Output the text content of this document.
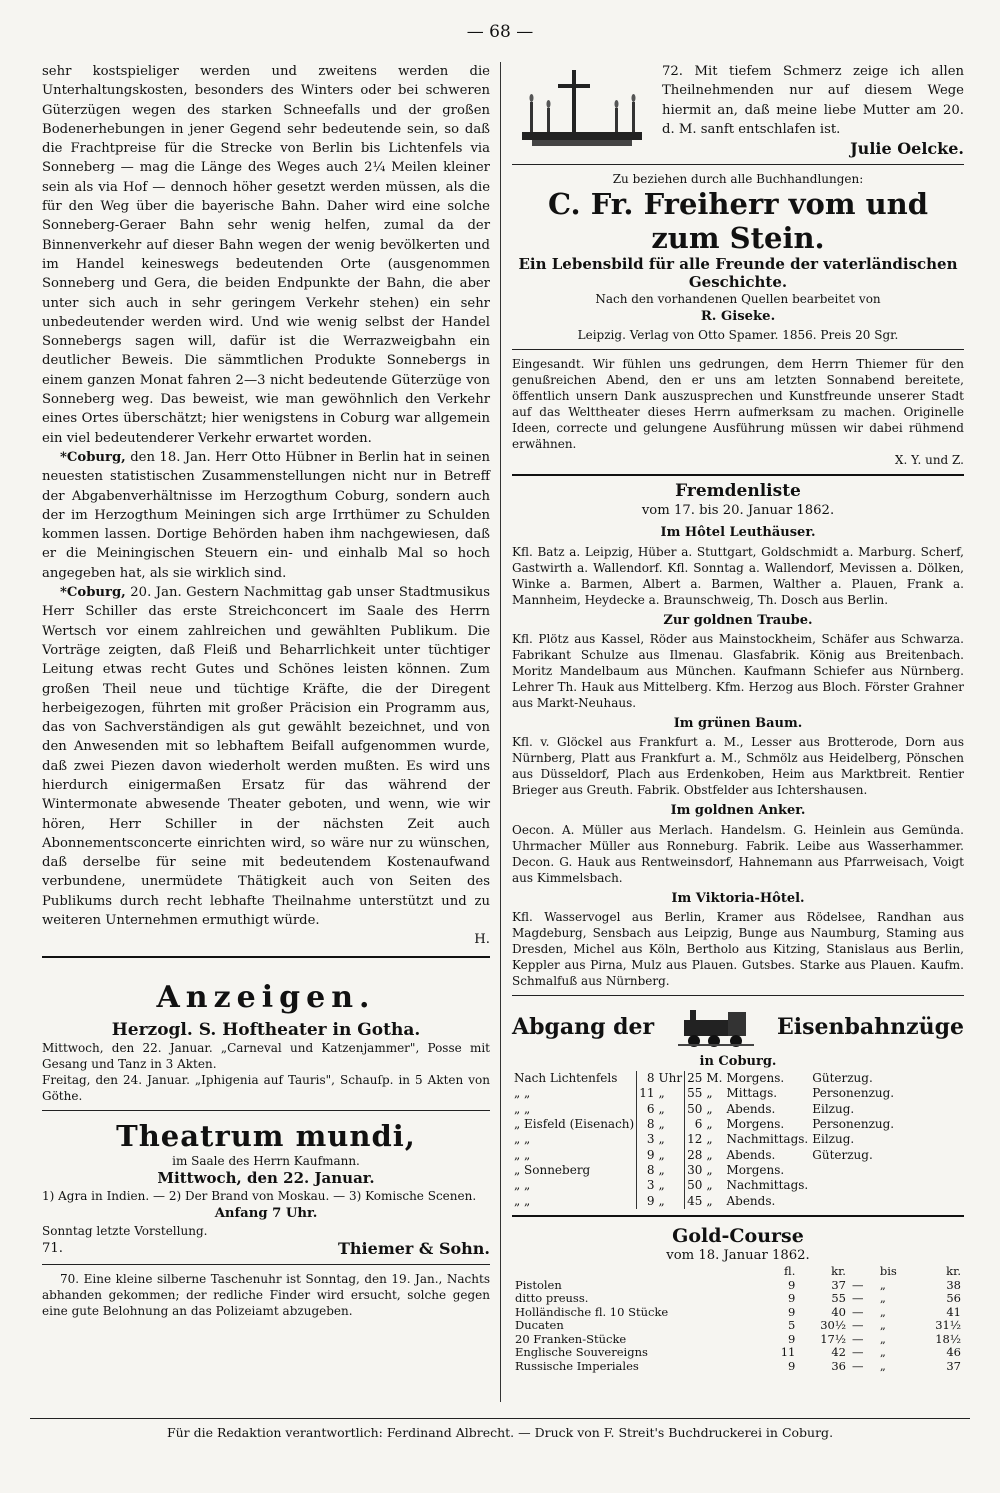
— 68 —

sehr kostspieliger werden und zweitens werden die Unterhaltungskosten, besonders des Winters oder bei schweren Güterzügen wegen des starken Schneefalls und der großen Bodenerhebungen in jener Gegend sehr bedeutende sein, so daß die Frachtpreise für die Strecke von Berlin bis Lichtenfels via Sonneberg — mag die Länge des Weges auch 2¼ Meilen kleiner sein als via Hof — dennoch höher gesetzt werden müssen, als die für den Weg über die bayerische Bahn. Daher wird eine solche Sonneberg-Geraer Bahn sehr wenig helfen, zumal da der Binnenverkehr auf dieser Bahn wegen der wenig bevölkerten und im Handel keineswegs bedeutenden Orte (ausgenommen Sonneberg und Gera, die beiden Endpunkte der Bahn, die aber unter sich auch in sehr geringem Verkehr stehen) ein sehr unbedeutender werden wird. Und wie wenig selbst der Handel Sonnebergs sagen will, dafür ist die Werrazweigbahn ein deutlicher Beweis. Die sämmtlichen Produkte Sonnebergs in einem ganzen Monat fahren 2—3 nicht bedeutende Güterzüge von Sonneberg weg. Das beweist, wie man gewöhnlich den Verkehr eines Ortes überschätzt; hier wenigstens in Coburg war allgemein ein viel bedeutenderer Verkehr erwartet worden.

*Coburg, den 18. Jan. Herr Otto Hübner in Berlin hat in seinen neuesten statistischen Zusammenstellungen nicht nur in Betreff der Abgabenverhältnisse im Herzogthum Coburg, sondern auch der im Herzogthum Meiningen sich arge Irrthümer zu Schulden kommen lassen. Dortige Behörden haben ihm nachgewiesen, daß er die Meiningischen Steuern ein- und einhalb Mal so hoch angegeben hat, als sie wirklich sind.

*Coburg, 20. Jan. Gestern Nachmittag gab unser Stadtmusikus Herr Schiller das erste Streichconcert im Saale des Herrn Wertsch vor einem zahlreichen und gewählten Publikum. Die Vorträge zeigten, daß Fleiß und Beharrlichkeit unter tüchtiger Leitung etwas recht Gutes und Schönes leisten können. Zum großen Theil neue und tüchtige Kräfte, die der Diregent herbeigezogen, führten mit großer Präcision ein Programm aus, das von Sachverständigen als gut gewählt bezeichnet, und von den Anwesenden mit so lebhaftem Beifall aufgenommen wurde, daß zwei Piezen davon wiederholt werden mußten. Es wird uns hierdurch einigermaßen Ersatz für das während der Wintermonate abwesende Theater geboten, und wenn, wie wir hören, Herr Schiller in der nächsten Zeit auch Abonnementsconcerte einrichten wird, so wäre nur zu wünschen, daß derselbe für seine mit bedeutendem Kostenaufwand verbundene, unermüdete Thätigkeit auch von Seiten des Publikums durch recht lebhafte Theilnahme unterstützt und zu weiteren Unternehmen ermuthigt würde.

H.

Anzeigen.
Herzogl. S. Hoftheater in Gotha.

Mittwoch, den 22. Januar. „Carneval und Katzenjammer", Posse mit Gesang und Tanz in 3 Akten.

Freitag, den 24. Januar. „Iphigenia auf Tauris", Schauſp. in 5 Akten von Göthe.

Theatrum mundi,

im Saale des Herrn Kaufmann.

Mittwoch, den 22. Januar.

1) Agra in Indien. — 2) Der Brand von Moskau. — 3) Komische Scenen.

Anfang 7 Uhr.

Sonntag letzte Vorstellung.

71.	Thiemer & Sohn.

70. Eine kleine silberne Taschenuhr ist Sonntag, den 19. Jan., Nachts abhanden gekommen; der redliche Finder wird ersucht, solche gegen eine gute Belohnung an das Polizeiamt abzugeben.

72. Mit tiefem Schmerz zeige ich allen Theilnehmenden nur auf diesem Wege hiermit an, daß meine liebe Mutter am 20. d. M. sanft entschlafen ist.

Julie Oelcke.

Zu beziehen durch alle Buchhandlungen:

C. Fr. Freiherr vom und zum Stein.
Ein Lebensbild für alle Freunde der vaterländischen Geschichte.

Nach den vorhandenen Quellen bearbeitet von

R. Giseke.

Leipzig. Verlag von Otto Spamer. 1856. Preis 20 Sgr.

Eingesandt. Wir fühlen uns gedrungen, dem Herrn Thiemer für den genußreichen Abend, den er uns am letzten Sonnabend bereitete, öffentlich unsern Dank auszusprechen und Kunstfreunde unserer Stadt auf das Welttheater dieses Herrn aufmerksam zu machen. Originelle Ideen, correcte und gelungene Ausführung müssen wir dabei rühmend erwähnen.

X. Y. und Z.

Fremdenliste

vom 17. bis 20. Januar 1862.

Im Hôtel Leuthäuser.

Kfl. Batz a. Leipzig, Hüber a. Stuttgart, Goldschmidt a. Marburg. Scherf, Gastwirth a. Wallendorf. Kfl. Sonntag a. Wallendorf, Mevissen a. Dölken, Winke a. Barmen, Albert a. Barmen, Walther a. Plauen, Frank a. Mannheim, Heydecke a. Braunschweig, Th. Dosch aus Berlin.

Zur goldnen Traube.

Kfl. Plötz aus Kassel, Röder aus Mainstockheim, Schäfer aus Schwarza. Fabrikant Schulze aus Ilmenau. Glasfabrik. König aus Breitenbach. Moritz Mandelbaum aus München. Kaufmann Schiefer aus Nürnberg. Lehrer Th. Hauk aus Mittelberg. Kfm. Herzog aus Bloch. Förster Grahner aus Markt-Neuhaus.

Im grünen Baum.

Kfl. v. Glöckel aus Frankfurt a. M., Lesser aus Brotterode, Dorn aus Nürnberg, Platt aus Frankfurt a. M., Schmölz aus Heidelberg, Pönschen aus Düsseldorf, Plach aus Erdenkoben, Heim aus Marktbreit. Rentier Brieger aus Greuth. Fabrik. Obstfelder aus Ichtershausen.

Im goldnen Anker.

Oecon. A. Müller aus Merlach. Handelsm. G. Heinlein aus Gemünda. Uhrmacher Müller aus Ronneburg. Fabrik. Leibe aus Wasserhammer. Decon. G. Hauk aus Rentweinsdorf, Hahnemann aus Pfarrweisach, Voigt aus Kimmelsbach.

Im Viktoria-Hôtel.

Kfl. Wasservogel aus Berlin, Kramer aus Rödelsee, Randhan aus Magdeburg, Sensbach aus Leipzig, Bunge aus Naumburg, Staming aus Dresden, Michel aus Köln, Bertholo aus Kitzing, Stanislaus aus Berlin, Keppler aus Pirna, Mulz aus Plauen. Gutsbes. Starke aus Plauen. Kaufm. Schmalfuß aus Nürnberg.

Abgang der	Eisenbahnzüge

in Coburg.

Nach Lichtenfels	8	Uhr	25	M.	Morgens.	Güterzug.
„ „	11	„	55	„	Mittags.	Personenzug.
„ „	6	„	50	„	Abends.	Eilzug.
„ Eisfeld (Eisenach)	8	„	6	„	Morgens.	Personenzug.
„ „	3	„	12	„	Nachmittags.	Eilzug.
„ „	9	„	28	„	Abends.	Güterzug.
„ Sonneberg	8	„	30	„	Morgens.	
„ „	3	„	50	„	Nachmittags.	
„ „	9	„	45	„	Abends.	
Gold-Course

vom 18. Januar 1862.

	fl.	kr.		bis	kr.
Pistolen	9	37	—	„	38
ditto preuss.	9	55	—	„	56
Holländische fl. 10 Stücke	9	40	—	„	41
Ducaten	5	30½	—	„	31½
20 Franken-Stücke	9	17½	—	„	18½
Englische Souvereigns	11	42	—	„	46
Russische Imperiales	9	36	—	„	37
Für die Redaktion verantwortlich: Ferdinand Albrecht. — Druck von F. Streit's Buchdruckerei in Coburg.
